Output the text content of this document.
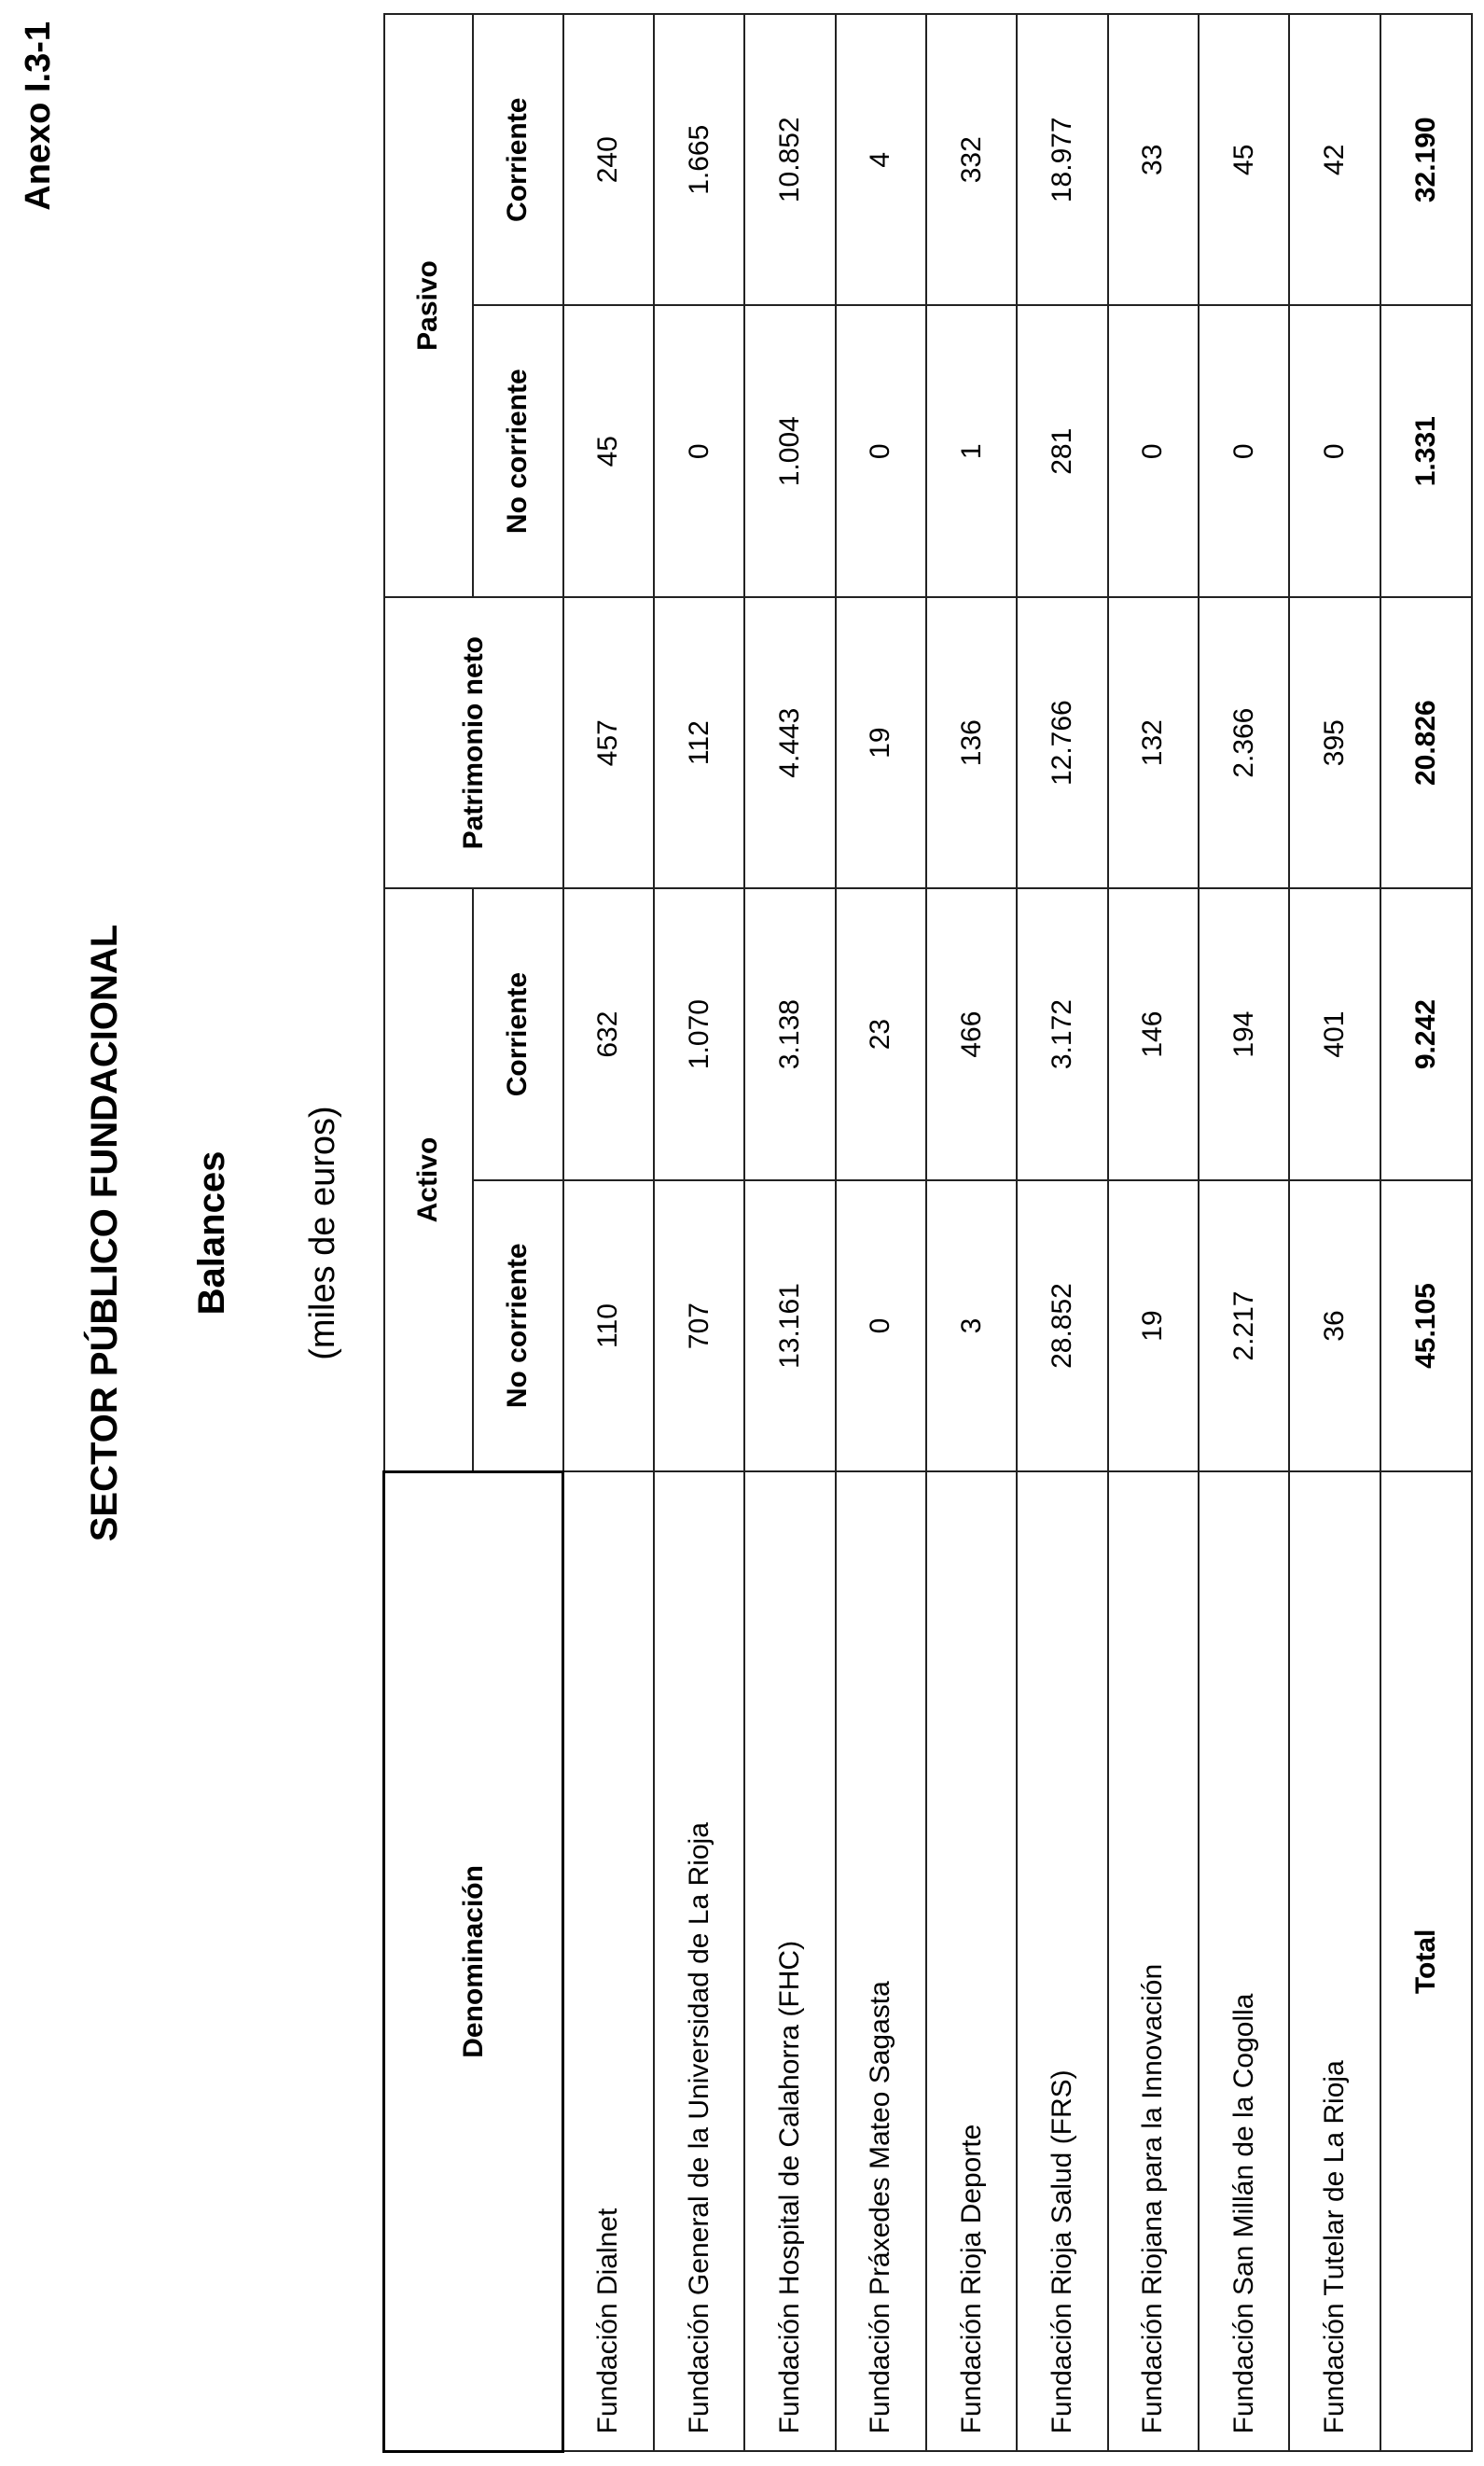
Anexo I.3-1
SECTOR PÚBLICO FUNDACIONAL Balances (miles de euros)
Denominación	Activo		Patrimonio neto	Pasivo	
	No corriente	Corriente		No corriente	Corriente
Fundación Dialnet	110	632	457	45	240
Fundación General de la Universidad de La Rioja	707	1.070	112	0	1.665
Fundación Hospital de Calahorra (FHC)	13.161	3.138	4.443	1.004	10.852
Fundación Práxedes Mateo Sagasta	0	23	19	0	4
Fundación Rioja Deporte	3	466	136	1	332
Fundación Rioja Salud (FRS)	28.852	3.172	12.766	281	18.977
Fundación Riojana para la Innovación	19	146	132	0	33
Fundación San Millán de la Cogolla	2.217	194	2.366	0	45
Fundación Tutelar de La Rioja	36	401	395	0	42
Total	45.105	9.242	20.826	1.331	32.190
